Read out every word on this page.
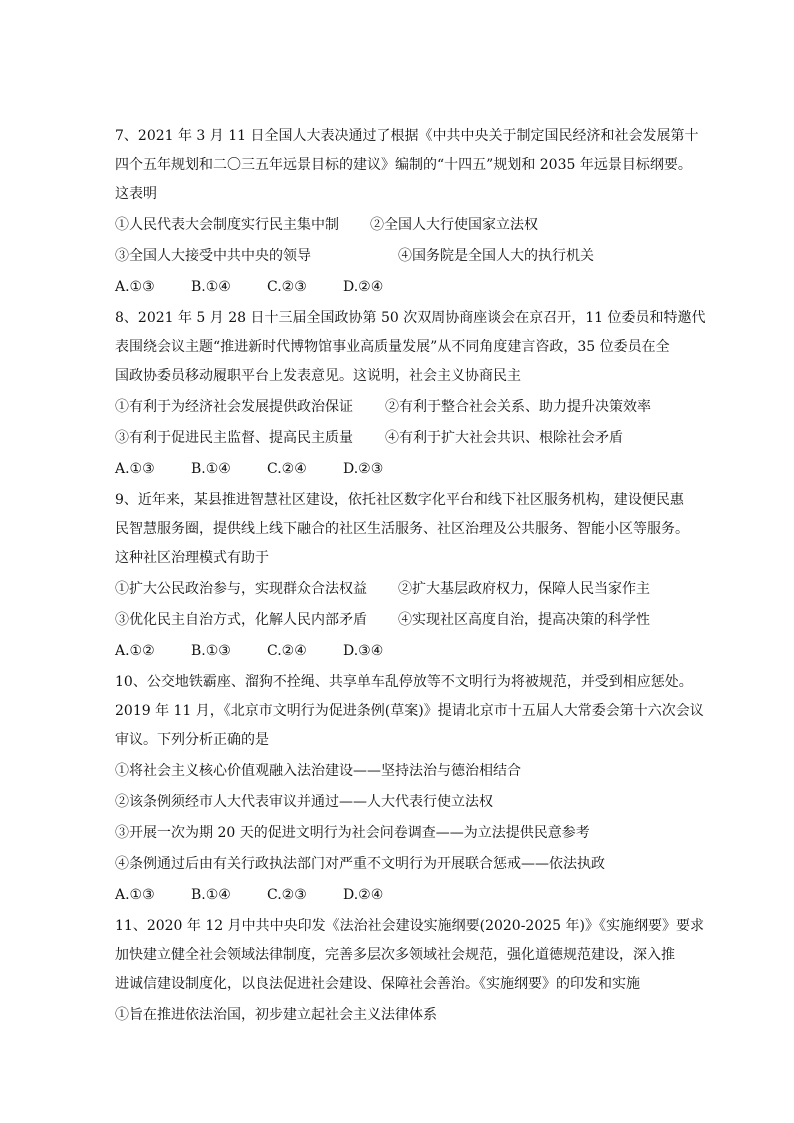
7、2021 年 3 月 11 日全国人大表决通过了根据《中共中央关于制定国民经济和社会发展第十
四个五年规划和二〇三五年远景目标的建议》编制的“十四五”规划和 2035 年远景目标纲要。
这表明
①人民代表大会制度实行民主集中制 ②全国人大行使国家立法权
③全国人大接受中共中央的领导	④国务院是全国人大的执行机关
A.①③	B.①④	C.②③	D.②④
8、2021 年 5 月 28 日十三届全国政协第 50 次双周协商座谈会在京召开，11 位委员和特邀代
表围绕会议主题“推进新时代博物馆事业高质量发展”从不同角度建言咨政，35 位委员在全
国政协委员移动履职平台上发表意见。这说明，社会主义协商民主
①有利于为经济社会发展提供政治保证 ②有利于整合社会关系、助力提升决策效率
③有利于促进民主监督、提高民主质量 ④有利于扩大社会共识、根除社会矛盾
A.①③	B.①④	C.②④	D.②③
9、近年来，某县推进智慧社区建设，依托社区数字化平台和线下社区服务机构，建设便民惠
民智慧服务圈，提供线上线下融合的社区生活服务、社区治理及公共服务、智能小区等服务。
这种社区治理模式有助于
①扩大公民政治参与，实现群众合法权益 ②扩大基层政府权力，保障人民当家作主
③优化民主自治方式，化解人民内部矛盾 ④实现社区高度自治，提高决策的科学性
A.①②	B.①③	C.②④	D.③④
10、公交地铁霸座、溜狗不拴绳、共享单车乱停放等不文明行为将被规范，并受到相应惩处。
2019 年 11 月，《北京市文明行为促进条例(草案)》提请北京市十五届人大常委会第十六次会议
审议。下列分析正确的是
①将社会主义核心价值观融入法治建设——坚持法治与德治相结合
②该条例须经市人大代表审议并通过——人大代表行使立法权
③开展一次为期 20 天的促进文明行为社会问卷调查——为立法提供民意参考
④条例通过后由有关行政执法部门对严重不文明行为开展联合惩戒——依法执政
A.①③	B.①④	C.②③	D.②④
11、2020 年 12 月中共中央印发《法治社会建设实施纲要(2020-2025 年)》《实施纲要》要求
加快建立健全社会领域法律制度，完善多层次多领域社会规范，强化道德规范建设，深入推
进诚信建设制度化，以良法促进社会建设、保障社会善治。《实施纲要》的印发和实施
①旨在推进依法治国，初步建立起社会主义法律体系
